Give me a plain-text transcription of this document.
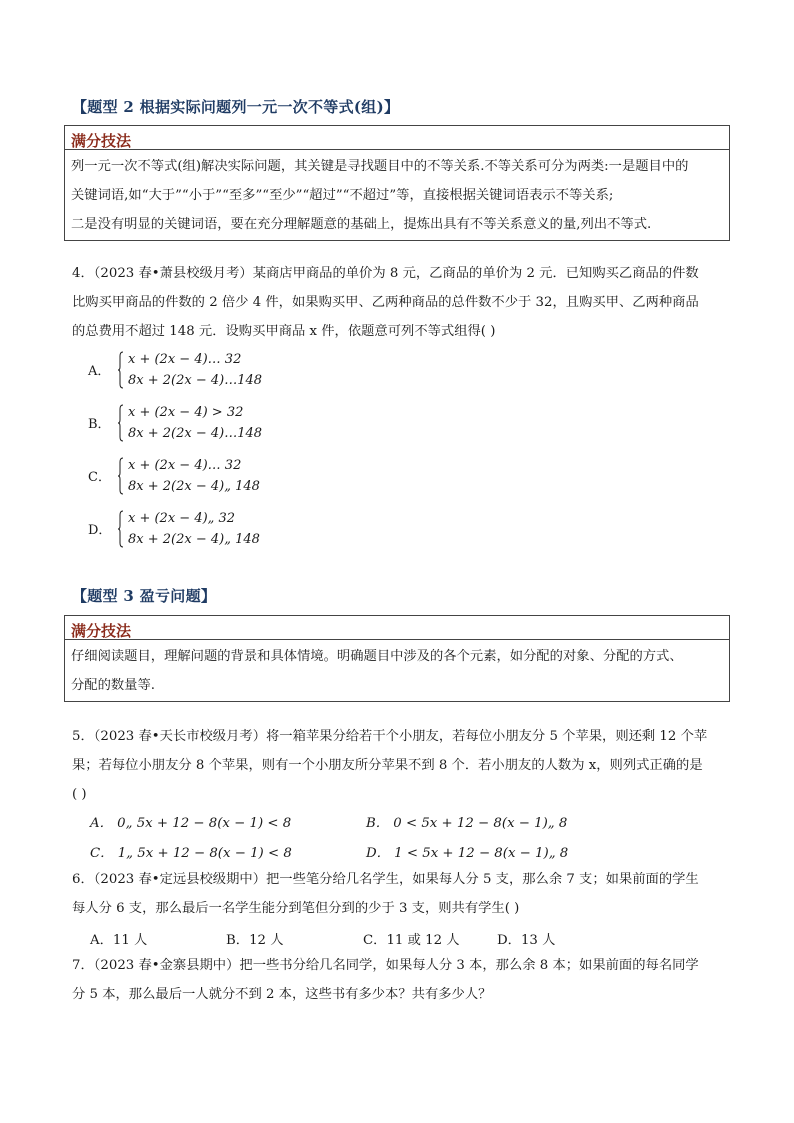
【题型 2 根据实际问题列一元一次不等式(组)】
满分技法
列一元一次不等式(组)解决实际问题，其关键是寻找题目中的不等关系.不等关系可分为两类:一是题目中的
关键词语,如“大于”“小于”“至多”“至少”“超过”“不超过”等，直接根据关键词语表示不等关系;
二是没有明显的关键词语，要在充分理解题意的基础上，提炼出具有不等关系意义的量,列出不等式.
4．（2023 春•萧县校级月考）某商店甲商品的单价为 8 元，乙商品的单价为 2 元．已知购买乙商品的件数
比购买甲商品的件数的 2 倍少 4 件，如果购买甲、乙两种商品的总件数不少于 32，且购买甲、乙两种商品
的总费用不超过 148 元．设购买甲商品 x 件，依题意可列不等式组得( )
A．
x + (2x − 4)… 32
8x + 2(2x − 4)…148
B．
x + (2x − 4) > 32
8x + 2(2x − 4)…148
C．
x + (2x − 4)… 32
8x + 2(2x − 4)„ 148
D．
x + (2x − 4)„ 32
8x + 2(2x − 4)„ 148
【题型 3 盈亏问题】
满分技法
仔细阅读题目，理解问题的背景和具体情境。明确题目中涉及的各个元素，如分配的对象、分配的方式、
分配的数量等.
5．（2023 春•天长市校级月考）将一箱苹果分给若干个小朋友，若每位小朋友分 5 个苹果，则还剩 12 个苹
果；若每位小朋友分 8 个苹果，则有一个小朋友所分苹果不到 8 个．若小朋友的人数为 x，则列式正确的是
( )
A． 0„ 5x + 12 − 8(x − 1) < 8	B． 0 < 5x + 12 − 8(x − 1)„ 8
C． 1„ 5x + 12 − 8(x − 1) < 8	D． 1 < 5x + 12 − 8(x − 1)„ 8
6．（2023 春•定远县校级期中）把一些笔分给几名学生，如果每人分 5 支，那么余 7 支；如果前面的学生
每人分 6 支，那么最后一名学生能分到笔但分到的少于 3 支，则共有学生( )
A．11 人	B．12 人	C．11 或 12 人	D．13 人
7．（2023 春•金寨县期中）把一些书分给几名同学，如果每人分 3 本，那么余 8 本；如果前面的每名同学
分 5 本，那么最后一人就分不到 2 本，这些书有多少本？共有多少人？
